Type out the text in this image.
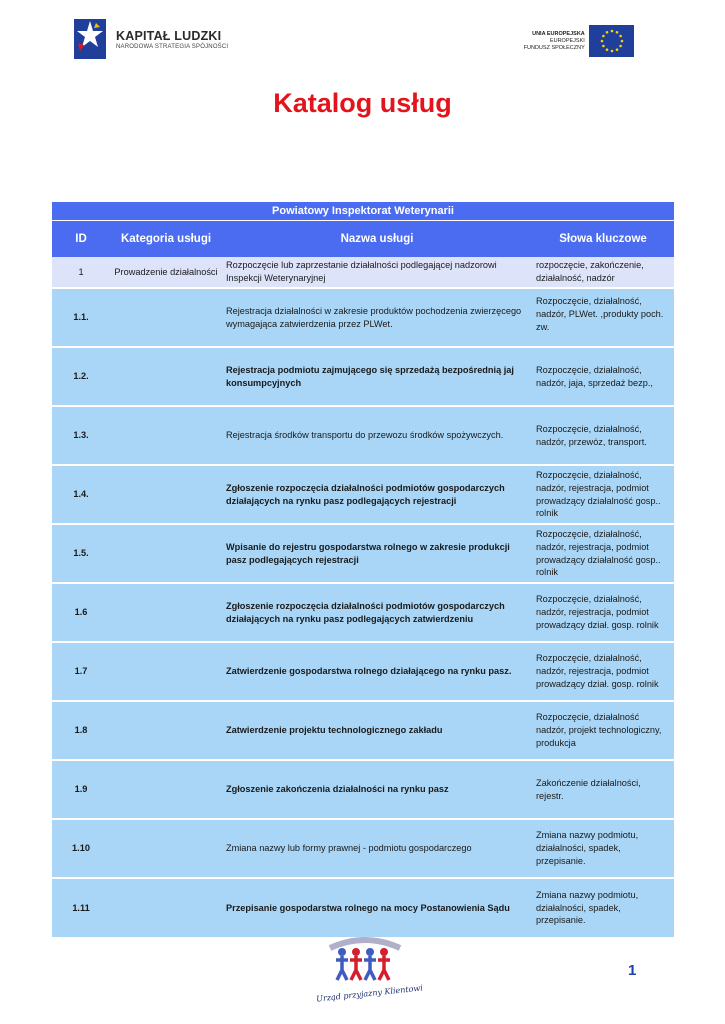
KAPITAŁ LUDZKI
NARODOWA STRATEGIA SPÓJNOŚCI
UNIA EUROPEJSKA
EUROPEJSKI
FUNDUSZ SPOŁECZNY
Katalog usług
Powiatowy Inspektorat Weterynarii			
ID	Kategoria usługi	Nazwa usługi	Słowa kluczowe
1	Prowadzenie działalności	Rozpoczęcie lub zaprzestanie działalności podlegającej nadzorowi Inspekcji Weterynaryjnej	rozpoczęcie, zakończenie, działalność, nadzór
1.1.		Rejestracja działalności w zakresie produktów pochodzenia zwierzęcego wymagająca zatwierdzenia przez PLWet.	Rozpoczęcie, działalność, nadzór, PLWet. ,produkty poch. zw.
1.2.		Rejestracja podmiotu zajmującego się sprzedażą bezpośrednią jaj konsumpcyjnych	Rozpoczęcie, działalność, nadzór, jaja, sprzedaż bezp.,
1.3.		Rejestracja środków transportu do przewozu środków spożywczych.	Rozpoczęcie, działalność, nadzór, przewóz, transport.
1.4.		Zgłoszenie rozpoczęcia działalności podmiotów gospodarczych działających na rynku pasz podlegających rejestracji	Rozpoczęcie, działalność, nadzór, rejestracja, podmiot prowadzący działalność gosp.. rolnik
1.5.		Wpisanie do rejestru gospodarstwa rolnego w zakresie produkcji pasz podlegających rejestracji	Rozpoczęcie, działalność, nadzór, rejestracja, podmiot prowadzący działalność gosp.. rolnik
1.6		Zgłoszenie rozpoczęcia działalności podmiotów gospodarczych działających na rynku pasz podlegających zatwierdzeniu	Rozpoczęcie, działalność, nadzór, rejestracja, podmiot prowadzący dział. gosp. rolnik
1.7		Zatwierdzenie gospodarstwa rolnego działającego na rynku pasz.	Rozpoczęcie, działalność, nadzór, rejestracja, podmiot prowadzący dział. gosp. rolnik
1.8		Zatwierdzenie projektu technologicznego zakładu	Rozpoczęcie, działalność nadzór, projekt technologiczny, produkcja
1.9		Zgłoszenie zakończenia działalności na rynku pasz	Zakończenie działalności, rejestr.
1.10		Zmiana nazwy lub formy prawnej - podmiotu gospodarczego	Zmiana nazwy podmiotu, działalności, spadek, przepisanie.
1.11		Przepisanie gospodarstwa rolnego na mocy Postanowienia Sądu	Zmiana nazwy podmiotu, działalności, spadek, przepisanie.
Urząd przyjazny Klientowi
1
